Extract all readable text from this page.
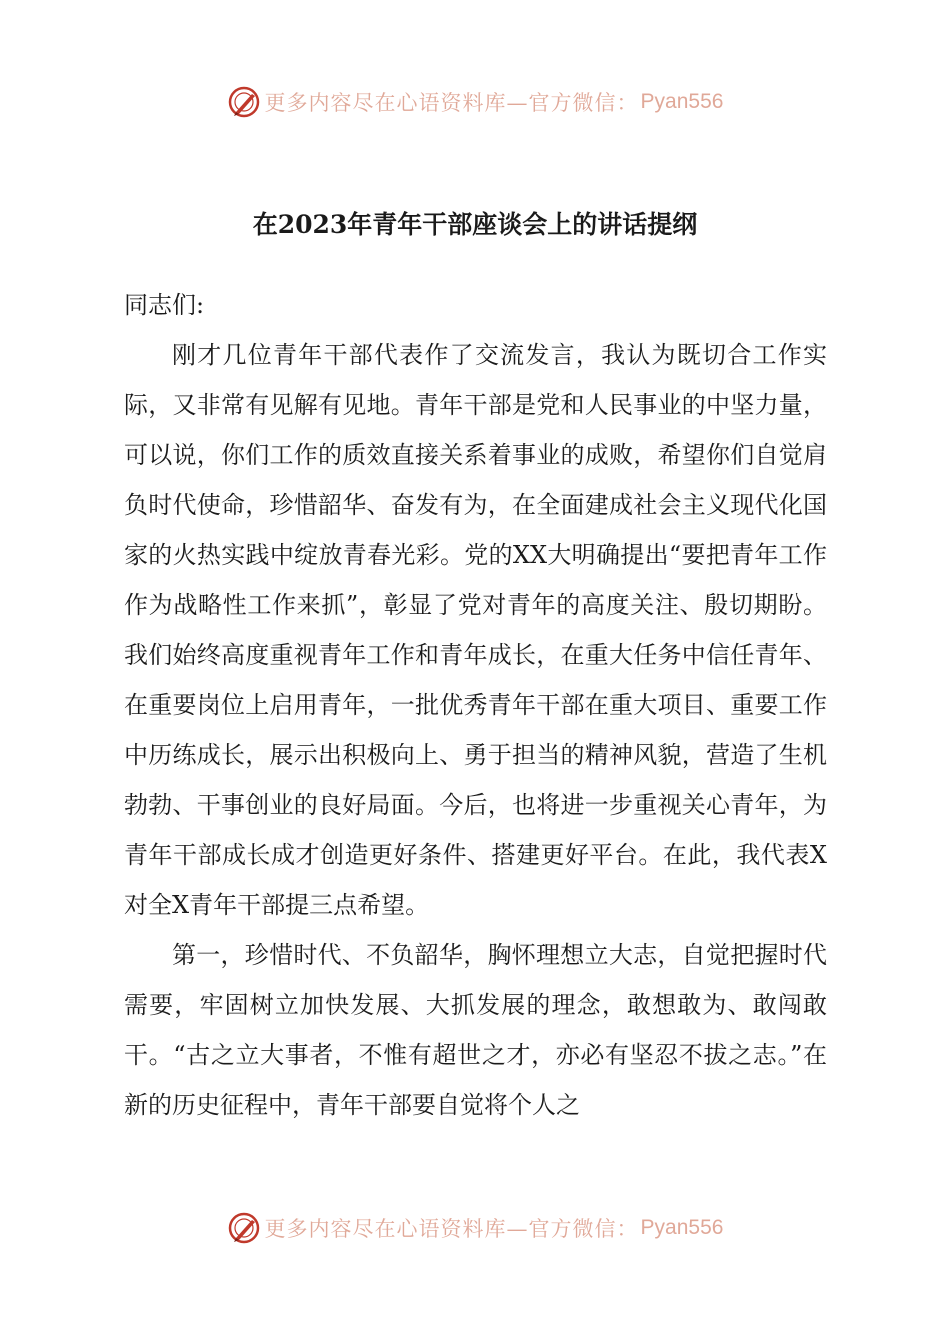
更多内容尽在心语资料库—官方微信： Pyan556
在2023年青年干部座谈会上的讲话提纲

同志们:

刚才几位青年干部代表作了交流发言，我认为既切合工作实际，又非常有见解有见地。青年干部是党和人民事业的中坚力量，可以说，你们工作的质效直接关系着事业的成败，希望你们自觉肩负时代使命，珍惜韶华、奋发有为，在全面建成社会主义现代化国家的火热实践中绽放青春光彩。党的XX大明确提出“要把青年工作作为战略性工作来抓”，彰显了党对青年的高度关注、殷切期盼。我们始终高度重视青年工作和青年成长，在重大任务中信任青年、在重要岗位上启用青年，一批优秀青年干部在重大项目、重要工作中历练成长，展示出积极向上、勇于担当的精神风貌，营造了生机勃勃、干事创业的良好局面。今后，也将进一步重视关心青年，为青年干部成长成才创造更好条件、搭建更好平台。在此，我代表X对全X青年干部提三点希望。

第一，珍惜时代、不负韶华，胸怀理想立大志，自觉把握时代需要，牢固树立加快发展、大抓发展的理念，敢想敢为、敢闯敢干。“古之立大事者，不惟有超世之才，亦必有坚忍不拔之志。”在新的历史征程中，青年干部要自觉将个人之

更多内容尽在心语资料库—官方微信： Pyan556
